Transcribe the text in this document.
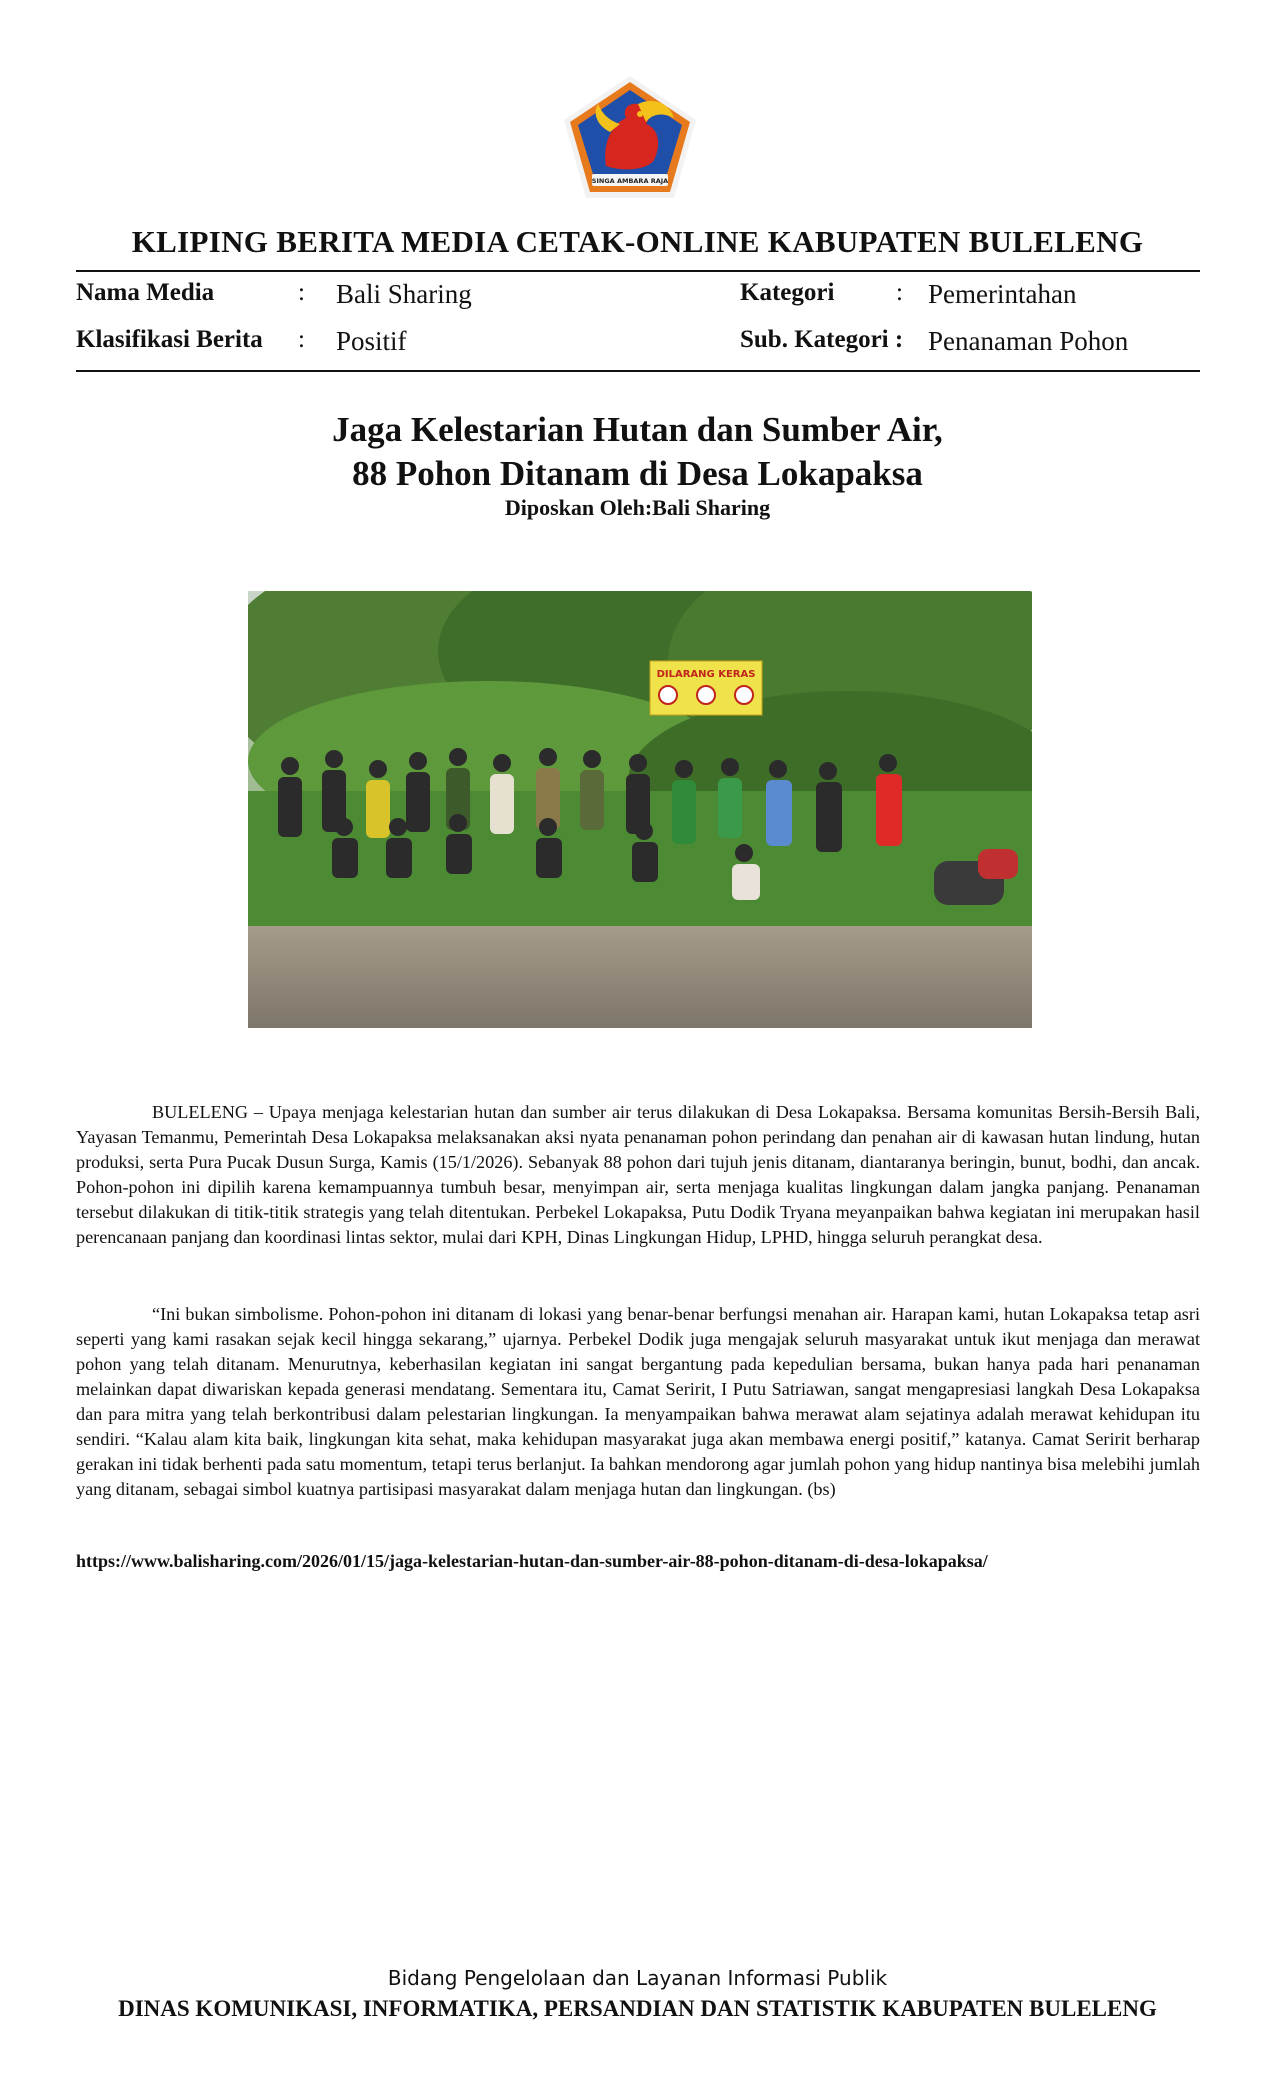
SINGA AMBARA RAJA
KLIPING BERITA MEDIA CETAK-ONLINE KABUPATEN BULELENG
Nama Media	: Bali Sharing	Kategori : Pemerintahan
Klasifikasi Berita : Positif	Sub. Kategori : Penanaman Pohon
Jaga Kelestarian Hutan dan Sumber Air,
88 Pohon Ditanam di Desa Lokapaksa
Diposkan Oleh:Bali Sharing
DILARANG KERAS

BULELENG – Upaya menjaga kelestarian hutan dan sumber air terus dilakukan di Desa Lokapaksa. Bersama komunitas Bersih-Bersih Bali, Yayasan Temanmu, Pemerintah Desa Lokapaksa melaksanakan aksi nyata penanaman pohon perindang dan penahan air di kawasan hutan lindung, hutan produksi, serta Pura Pucak Dusun Surga, Kamis (15/1/2026). Sebanyak 88 pohon dari tujuh jenis ditanam, diantaranya beringin, bunut, bodhi, dan ancak. Pohon-pohon ini dipilih karena kemampuannya tumbuh besar, menyimpan air, serta menjaga kualitas lingkungan dalam jangka panjang. Penanaman tersebut dilakukan di titik-titik strategis yang telah ditentukan. Perbekel Lokapaksa, Putu Dodik Tryana meyanpaikan bahwa kegiatan ini merupakan hasil perencanaan panjang dan koordinasi lintas sektor, mulai dari KPH, Dinas Lingkungan Hidup, LPHD, hingga seluruh perangkat desa.

“Ini bukan simbolisme. Pohon-pohon ini ditanam di lokasi yang benar-benar berfungsi menahan air. Harapan kami, hutan Lokapaksa tetap asri seperti yang kami rasakan sejak kecil hingga sekarang,” ujarnya. Perbekel Dodik juga mengajak seluruh masyarakat untuk ikut menjaga dan merawat pohon yang telah ditanam. Menurutnya, keberhasilan kegiatan ini sangat bergantung pada kepedulian bersama, bukan hanya pada hari penanaman melainkan dapat diwariskan kepada generasi mendatang. Sementara itu, Camat Seririt, I Putu Satriawan, sangat mengapresiasi langkah Desa Lokapaksa dan para mitra yang telah berkontribusi dalam pelestarian lingkungan. Ia menyampaikan bahwa merawat alam sejatinya adalah merawat kehidupan itu sendiri. “Kalau alam kita baik, lingkungan kita sehat, maka kehidupan masyarakat juga akan membawa energi positif,” katanya. Camat Seririt berharap gerakan ini tidak berhenti pada satu momentum, tetapi terus berlanjut. Ia bahkan mendorong agar jumlah pohon yang hidup nantinya bisa melebihi jumlah yang ditanam, sebagai simbol kuatnya partisipasi masyarakat dalam menjaga hutan dan lingkungan. (bs)

https://www.balisharing.com/2026/01/15/jaga-kelestarian-hutan-dan-sumber-air-88-pohon-ditanam-di-desa-lokapaksa/
Bidang Pengelolaan dan Layanan Informasi Publik
DINAS KOMUNIKASI, INFORMATIKA, PERSANDIAN DAN STATISTIK KABUPATEN BULELENG
